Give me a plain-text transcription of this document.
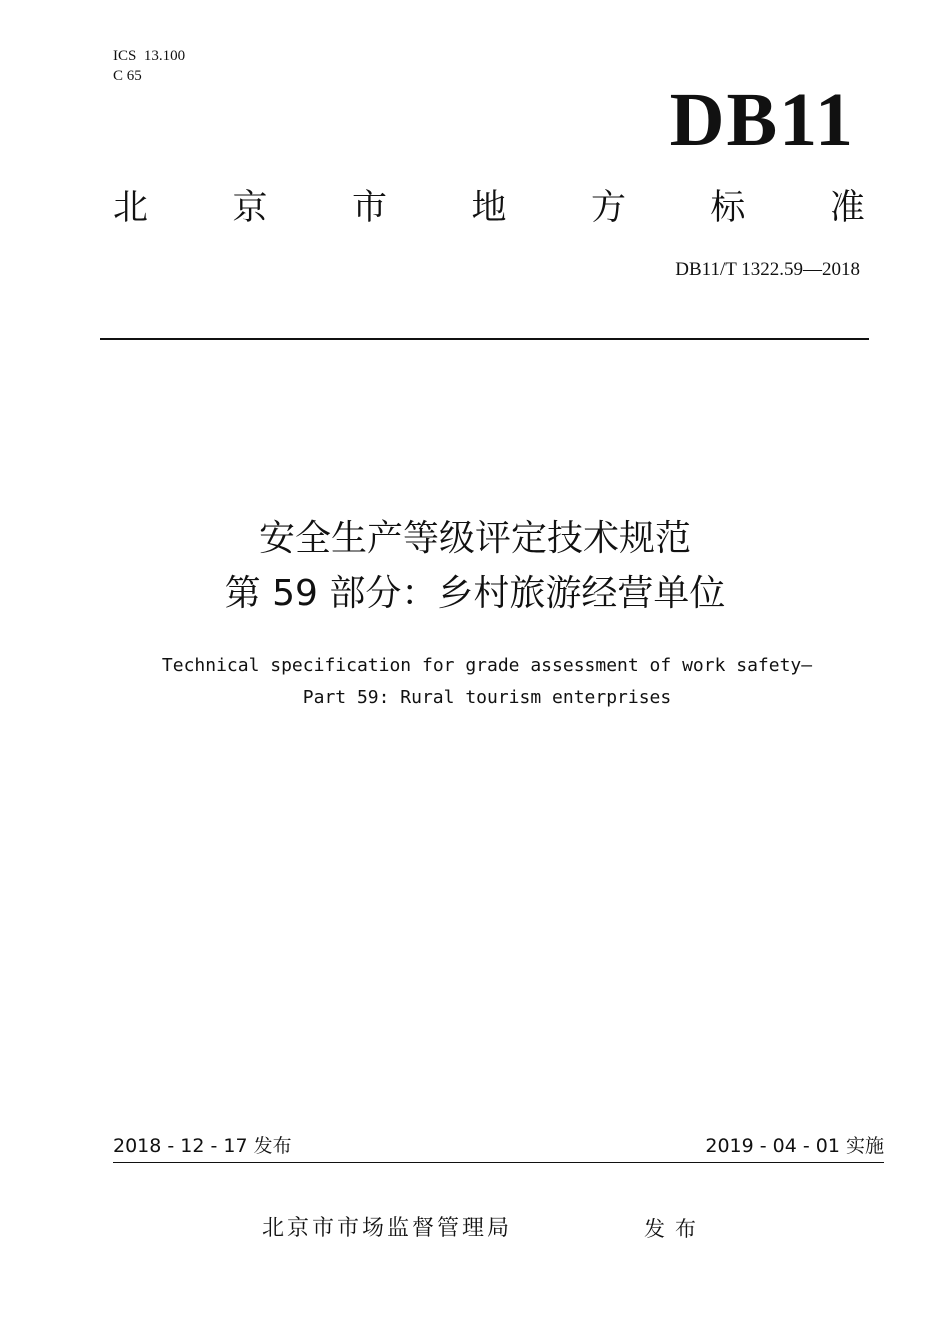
ICS  13.100
C 65
DB11
北 京 市 地 方 标 准
DB11/T 1322.59—2018
安全生产等级评定技术规范
第 59 部分：乡村旅游经营单位
Technical specification for grade assessment of work safety—
Part 59: Rural tourism enterprises
2018 - 12 - 17 发布	2019 - 04 - 01 实施
北京市市场监督管理局	发布
